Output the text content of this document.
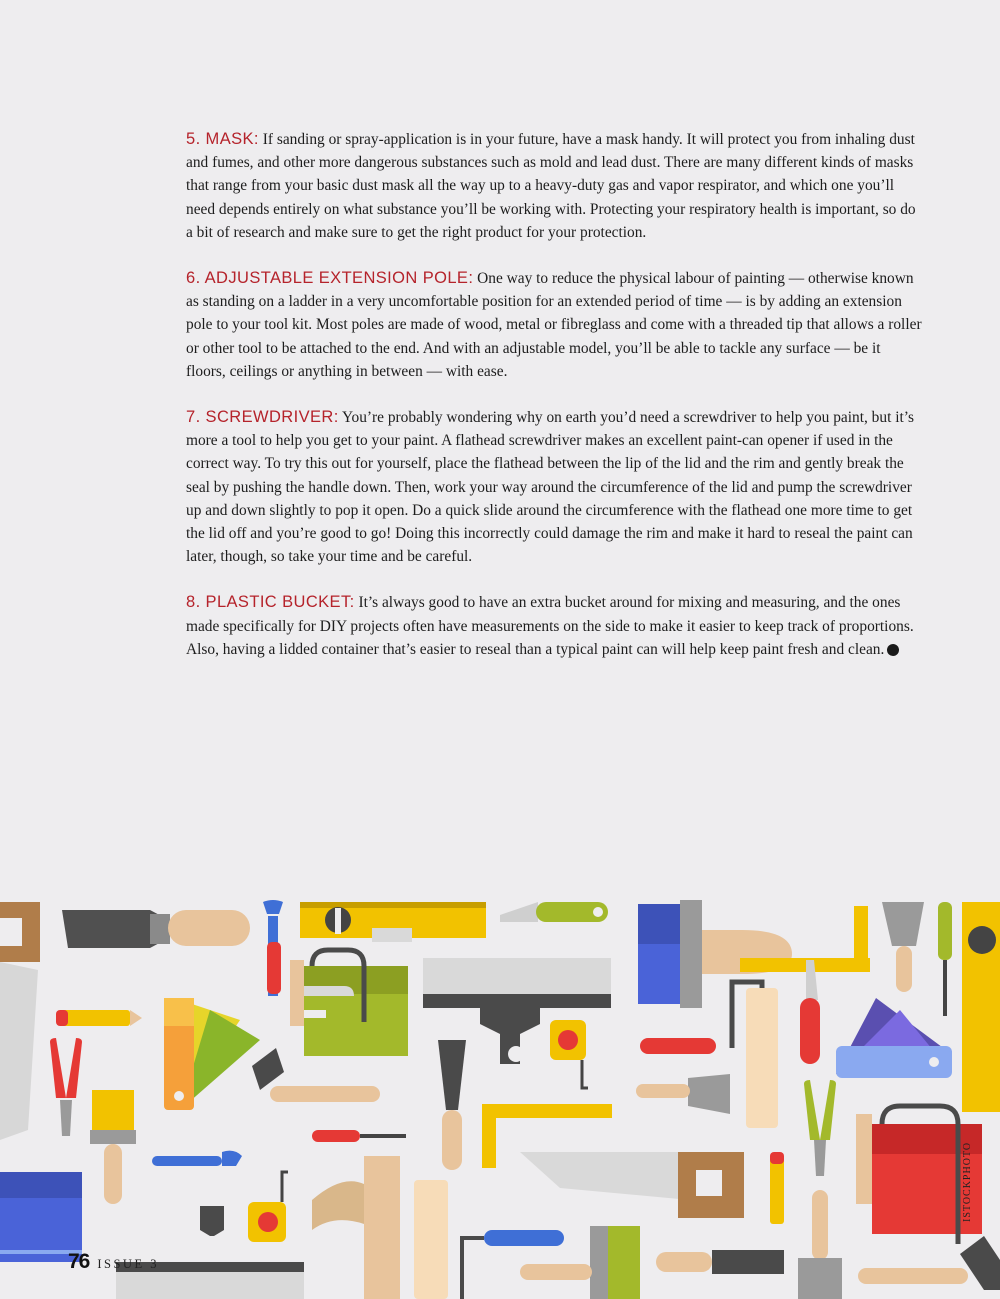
5. MASK: If sanding or spray-application is in your future, have a mask handy. It will protect you from inhaling dust and fumes, and other more dangerous substances such as mold and lead dust. There are many different kinds of masks that range from your basic dust mask all the way up to a heavy-duty gas and vapor respirator, and which one you’ll need depends entirely on what substance you’ll be working with. Protecting your respiratory health is important, so do a bit of research and make sure to get the right product for your protection.

6. ADJUSTABLE EXTENSION POLE: One way to reduce the physical labour of painting — otherwise known as standing on a ladder in a very uncomfortable position for an extended period of time — is by adding an extension pole to your tool kit. Most poles are made of wood, metal or fibreglass and come with a threaded tip that allows a roller or other tool to be attached to the end. And with an adjustable model, you’ll be able to tackle any surface — be it floors, ceilings or anything in between — with ease.

7. SCREWDRIVER: You’re probably wondering why on earth you’d need a screwdriver to help you paint, but it’s more a tool to help you get to your paint. A flathead screwdriver makes an excellent paint-can opener if used in the correct way. To try this out for yourself, place the flathead between the lip of the lid and the rim and gently break the seal by pushing the handle down. Then, work your way around the circumference of the lid and pump the screwdriver up and down slightly to pop it open. Do a quick slide around the circumference with the flathead one more time to get the lid off and you’re good to go! Doing this incorrectly could damage the rim and make it hard to reseal the paint can later, though, so take your time and be careful.

8. PLASTIC BUCKET: It’s always good to have an extra bucket around for mixing and measuring, and the ones made specifically for DIY projects often have measurements on the side to make it easier to keep track of proportions. Also, having a lidded container that’s easier to reseal than a typical paint can will help keep paint fresh and clean.

76 ISSUE 3
ISTOCKPHOTO
